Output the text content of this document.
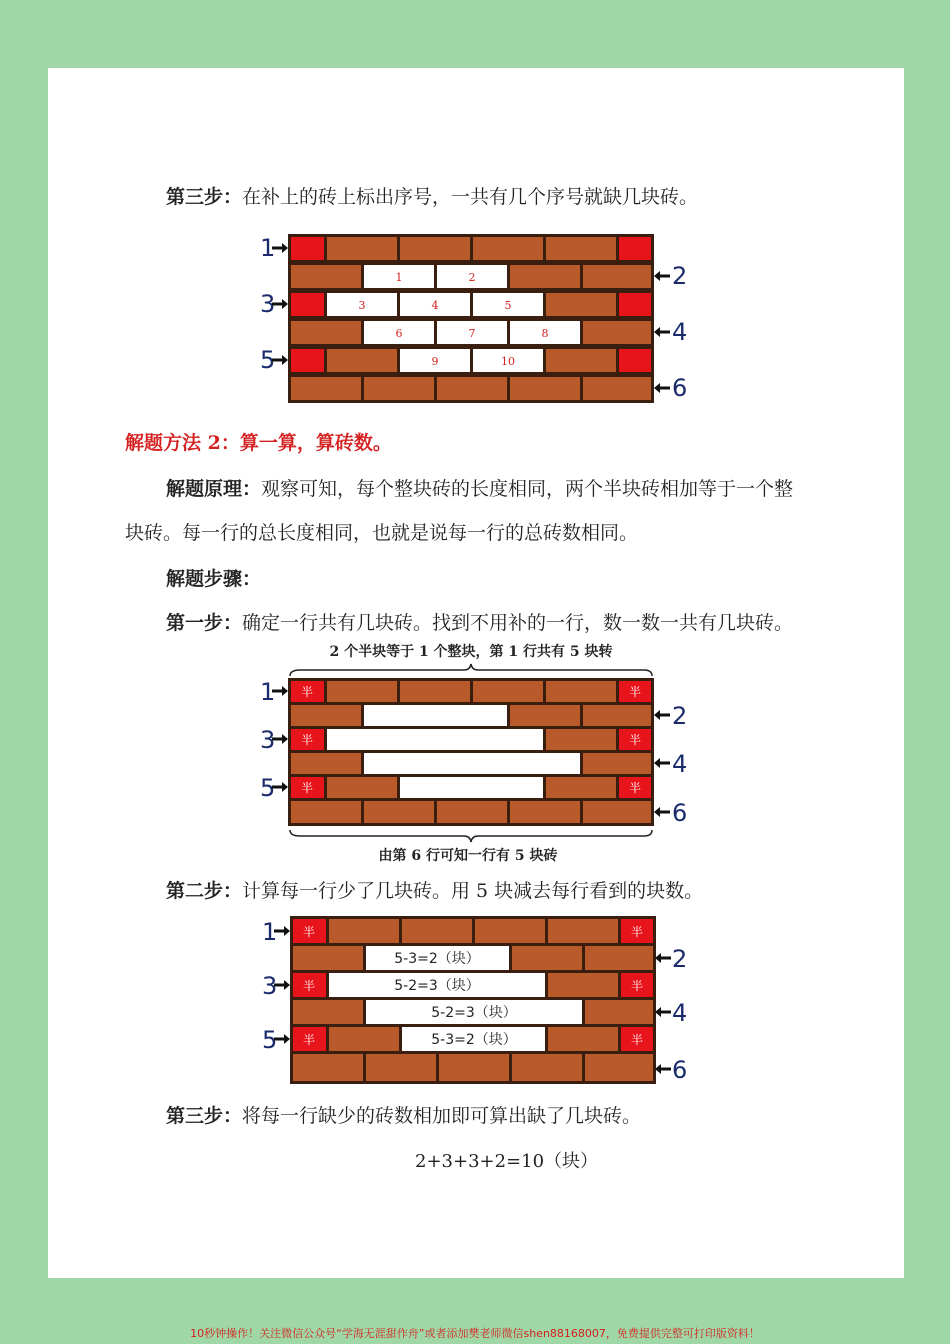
第三步：在补上的砖上标出序号，一共有几个序号就缺几块砖。
1	2
3	4	5
6	7	8
9	10
1
3
5
2
4
6
解题方法 2：算一算，算砖数。
解题原理：观察可知，每个整块砖的长度相同，两个半块砖相加等于一个整
块砖。每一行的总长度相同，也就是说每一行的总砖数相同。
解题步骤：
第一步：确定一行共有几块砖。找到不用补的一行，数一数一共有几块砖。
2 个半块等于 1 个整块，第 1 行共有 5 块转
半	半
半	半
半	半
1
3
5
2
4
6
由第 6 行可知一行有 5 块砖
第二步：计算每一行少了几块砖。用 5 块减去每行看到的块数。
半	半
半	半
半	半
5-3=2（块）
5-2=3（块）
5-2=3（块）
5-3=2（块）
1
3
5
2
4
6
第三步：将每一行缺少的砖数相加即可算出缺了几块砖。
2+3+3+2=10（块）
10秒钟操作！关注微信公众号“学海无涯甜作舟”或者添加樊老师微信shen88168007，免费提供完整可打印版资料！
